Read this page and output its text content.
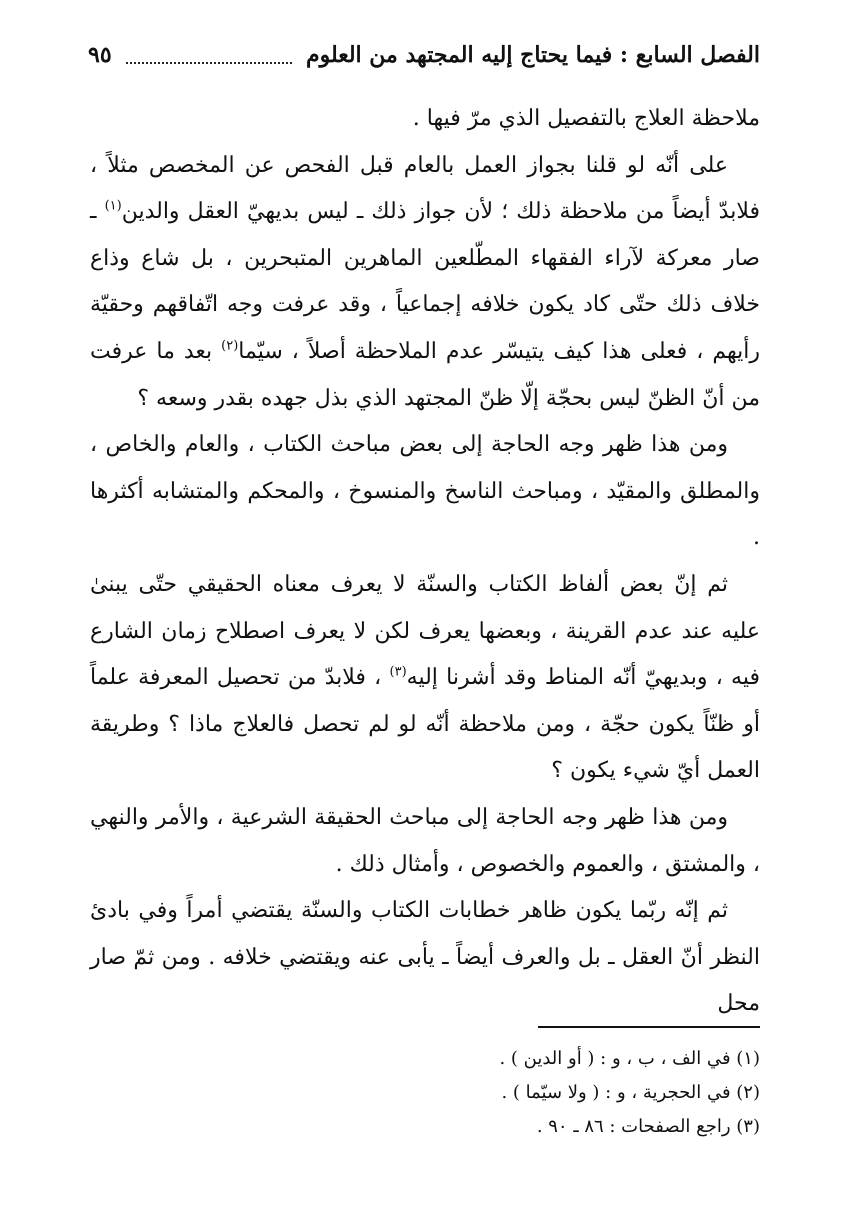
الفصل السابع : فيما يحتاج إليه المجتهد من العلوم
٩٥

ملاحظة العلاج بالتفصيل الذي مرّ فيها .

على أنّه لو قلنا بجواز العمل بالعام قبل الفحص عن المخصص مثلاً ، فلابدّ أيضاً من ملاحظة ذلك ؛ لأن جواز ذلك ـ ليس بديهيّ العقل والدين$^{(١)}$ ـ صار معركة لآراء الفقهاء المطّلعين الماهرين المتبحرين ، بل شاع وذاع خلاف ذلك حتّى كاد يكون خلافه إجماعياً ، وقد عرفت وجه اتّفاقهم وحقيّة رأيهم ، فعلى هذا كيف يتيسّر عدم الملاحظة أصلاً ، سيّما$^{(٢)}$ بعد ما عرفت من أنّ الظنّ ليس بحجّة إلّا ظنّ المجتهد الذي بذل جهده بقدر وسعه ؟

ومن هذا ظهر وجه الحاجة إلى بعض مباحث الكتاب ، والعام والخاص ، والمطلق والمقيّد ، ومباحث الناسخ والمنسوخ ، والمحكم والمتشابه أكثرها .

ثم إنّ بعض ألفاظ الكتاب والسنّة لا يعرف معناه الحقيقي حتّى يبنىٰ عليه عند عدم القرينة ، وبعضها يعرف لكن لا يعرف اصطلاح زمان الشارع فيه ، وبديهيّ أنّه المناط وقد أشرنا إليه$^{(٣)}$ ، فلابدّ من تحصيل المعرفة علماً أو ظنّاً يكون حجّة ، ومن ملاحظة أنّه لو لم تحصل فالعلاج ماذا ؟ وطريقة العمل أيّ شيء يكون ؟

ومن هذا ظهر وجه الحاجة إلى مباحث الحقيقة الشرعية ، والأمر والنهي ، والمشتق ، والعموم والخصوص ، وأمثال ذلك .

ثم إنّه ربّما يكون ظاهر خطابات الكتاب والسنّة يقتضي أمراً وفي بادئ النظر أنّ العقل ـ بل والعرف أيضاً ـ يأبى عنه ويقتضي خلافه . ومن ثمّ صار محل

(١) في الف ، ب ، و : ( أو الدين ) .

(٢) في الحجرية ، و : ( ولا سيّما ) .

(٣) راجع الصفحات : ٨٦ ـ ٩٠ .
